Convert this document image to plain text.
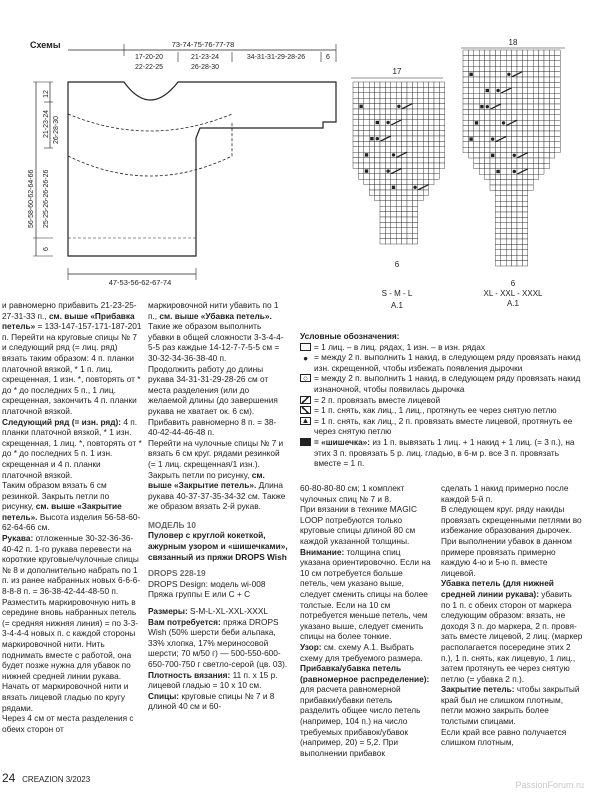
Схемы	73-74-75-76-77-78
17-20-20
22-22-25
21-23-24
26-28-30
34-31-31-29-28-26	6
12
21-23-24 26-28-30
56-58-60-62-64-66 25-25-26-26-26-26
6
47-53-56-62-67-74
17
6
S - M - L
A.1
18
6
XL - XXL - XXXL
A.1

и равномерно прибавить 21-23-25-27-31-33 п., см. выше «Прибавка петель» = 133-147-157-171-187-201 п. Перейти на круговые спицы № 7 и следующий ряд (= лиц. ряд) вязать таким образом: 4 п. планки платочной вязкой, * 1 п. лиц. скрещенная, 1 изн. *, повторять от * до * до последних 5 п., 1 лиц. скрещенная, закончить 4 п. планки платочной вязкой.

Следующий ряд (= изн. ряд): 4 п. планки платочной вязкой, * 1 изн. скрещенная, 1 лиц. *, повторять от * до * до последних 5 п. 1 изн. скрещенная и 4 п. планки платочной вязкой.

Таким образом вязать 6 см резинкой. Закрыть петли по рисунку, см. выше «Закрытие петель». Высота изделия 56-58-60-62-64-66 см.

Рукава: отложенные 30-32-36-36-40-42 п. 1-го рукава перевести на короткие круговые/чулочные спицы № 8 и дополнительно набрать по 1 п. из ранее набранных новых 6-6-6-8-8-8 п. = 36-38-42-44-48-50 п.

Разместить маркировочную нить в середине вновь набранных петель (= средняя нижняя линия) = по 3-3-3-4-4-4 новых п. с каждой стороны маркировочной нити. Нить поднимать вместе с работой, она будет позже нужна для убавок по нижней средней линии рукава.

Начать от маркировочной нити и вязать лицевой гладью по кругу рядами.

Через 4 см от места разделения с обеих сторон от

маркировочной нити убавить по 1 п., см. выше «Убавка петель».

Такие же образом выполнить убавки в общей сложности 3-3-4-4-5-5 раз каждые 14-12-7-7-5-5 см = 30-32-34-36-38-40 п.

Продолжить работу до длины рукава 34-31-31-29-28-26 см от места разделения (или до желаемой длины (до завершения рукава не хватает ок. 6 см).

Прибавить равномерно 8 п. = 38-40-42-44-46-48 п.

Перейти на чулочные спицы № 7 и вязать 6 см круг. рядами резинкой (= 1 лиц. скрещенная/1 изн.). Закрыть петли по рисунку, см. выше «Закрытие петель». Длина рукава 40-37-37-35-34-32 см. Также же образом вязать 2-й рукав.

МОДЕЛЬ 10

Пуловер с круглой кокеткой, ажурным узором и «шишечками», связанный из пряжи DROPS Wish

DROPS 228-19

DROPS Design: модель wi-008

Пряжа группы Е или С + С

Размеры: S-M-L-XL-XXL-XXXL

Вам потребуется: пряжа DROPS Wish (50% шерсти беби альпака, 33% хлопка, 17% мериносовой шерсти; 70 м/50 г) — 500-550-600-650-700-750 г светло-серой (цв. 03).

Плотность вязания: 11 п. х 15 р. лицевой гладью = 10 х 10 см.

Спицы: круговые спицы № 7 и 8 длиной 40 см и 60-

Условные обозначения:

= 1 лиц. – в лиц. рядах, 1 изн. – в изн. рядах
● = между 2 п. выполнить 1 накид, в следующем ряду провязать накид изн. скрещенной, чтобы избежать появления дырочки
○ = между 2 п. выполнить 1 накид, в следующем ряду провязать накид изнаночной, чтобы появилась дырочка
= 2 п. провязать вместе лицевой
= 1 п. снять, как лиц., 1 лиц., протянуть ее через снятую петлю
▲ = 1 п. снять, как лиц., 2 п. провязать вместе лицевой, протянуть ее через снятую петлю
= «шишечка»: из 1 п. вывязать 1 лиц. + 1 накид + 1 лиц. (= 3 п.), на этих 3 п. провязать 5 р. лиц. гладью, в 6-м р. все 3 п. провязать вместе = 1 п.

60-80-80-80 см; 1 комплект чулочных спиц № 7 и 8.

При вязании в технике MAGIC LOOP потребуются только круговые спицы длиной 80 см каждой указанной толщины.

Внимание: толщина спиц указана ориентировочно. Если на 10 см потребуется больше петель, чем указано выше, следует сменить спицы на более толстые. Если на 10 см потребуется меньше петель, чем указано выше, следует сменить спицы на более тонкие.

Узор: см. схему А.1. Выбрать схему для требуемого размера.

Прибавка/убавка петель (равномерное распределение): для расчета равномерной прибавки/убавки петель разделить общее число петель (например, 104 п.) на число требуемых прибавок/убавок (например, 20) = 5,2. При выполнении прибавок

сделать 1 накид примерно после каждой 5-й п.

В следующем круг. ряду накиды провязать скрещенными петлями во избежание образования дырочек.

При выполнении убавок в данном примере провязать примерно каждую 4-ю и 5-ю п. вместе лицевой.

Убавка петель (для нижней средней линии рукава): убавить по 1 п. с обеих сторон от маркера следующим образом: вязать, не доходя 3 п. до маркера, 2 п. провязать вместе лицевой, 2 лиц. (маркер располагается посередине этих 2 п.), 1 п. снять, как лицевую, 1 лиц., затем протянуть ее через снятую петлю (= убавка 2 п.).

Закрытие петель: чтобы закрытый край был не слишком плотным, петли можно закрыть более толстыми спицами.

Если край все равно получается слишком плотным,

24 CREAZION 3/2023
PassionForum.ru
